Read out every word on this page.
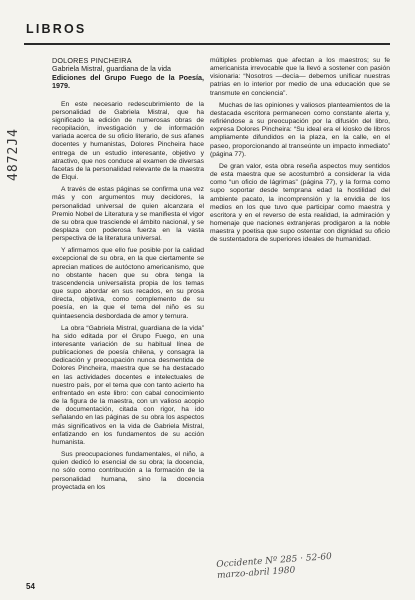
LIBROS
DOLORES PINCHEIRA
Gabriela Mistral, guardiana de la vida
Ediciones del Grupo Fuego de la Poesía, 1979.

En este necesario redescubrimiento de la personalidad de Gabriela Mistral, que ha significado la edición de numerosas obras de recopilación, investigación y de información variada acerca de su oficio literario, de sus afanes docentes y humanistas, Dolores Pincheira hace entrega de un estudio interesante, objetivo y atractivo, que nos conduce al examen de diversas facetas de la personalidad relevante de la maestra de Elqui.

A través de estas páginas se confirma una vez más y con argumentos muy decidores, la personalidad universal de quien alcanzara el Premio Nobel de Literatura y se manifiesta el vigor de su obra que trasciende el ámbito nacional, y se desplaza con poderosa fuerza en la vasta perspectiva de la literatura universal.

Y afirmamos que ello fue posible por la calidad excepcional de su obra, en la que ciertamente se aprecian matices de autóctono americanismo, que no obstante hacen que su obra tenga la trascendencia universalista propia de los temas que supo abordar en sus recados, en su prosa directa, objetiva, como complemento de su poesía, en la que el tema del niño es su quintaesencia desbordada de amor y ternura.

La obra “Gabriela Mistral, guardiana de la vida” ha sido editada por el Grupo Fuego, en una interesante variación de su habitual línea de publicaciones de poesía chilena, y consagra la dedicación y preocupación nunca desmentida de Dolores Pincheira, maestra que se ha destacado en las actividades docentes e intelectuales de nuestro país, por el tema que con tanto acierto ha enfrentado en este libro: con cabal conocimiento de la figura de la maestra, con un valioso acopio de documentación, citada con rigor, ha ido señalando en las páginas de su obra los aspectos más significativos en la vida de Gabriela Mistral, enfatizando en los fundamentos de su acción humanista.

Sus preocupaciones fundamentales, el niño, a quien dedicó lo esencial de su obra; la docencia, no sólo como contribución a la formación de la personalidad humana, sino la docencia proyectada en los

múltiples problemas que afectan a los maestros; su fe americanista irrevocable que la llevó a sostener con pasión visionaria: “Nosotros —decía— debemos unificar nuestras patrias en lo interior por medio de una educación que se transmute en conciencia”.

Muchas de las opiniones y valiosos planteamientos de la destacada escritora permanecen como constante alerta y, refiriéndose a su preocupación por la difusión del libro, expresa Dolores Pincheira: “Su ideal era el kiosko de libros ampliamente difundidos en la plaza, en la calle, en el paseo, proporcionando al transeúnte un impacto inmediato” (página 77).

De gran valor, esta obra reseña aspectos muy sentidos de esta maestra que se acostumbró a considerar la vida como “un oficio de lágrimas” (página 77), y la forma como supo soportar desde temprana edad la hostilidad del ambiente pacato, la incomprensión y la envidia de los medios en los que tuvo que participar como maestra y escritora y en el reverso de esta realidad, la admiración y homenaje que naciones extranjeras prodigaron a la noble maestra y poetisa que supo ostentar con dignidad su oficio de sustentadora de superiores ideales de humanidad.

54
4872J4
Occidente Nº 285 · 52-60
marzo-abril 1980
